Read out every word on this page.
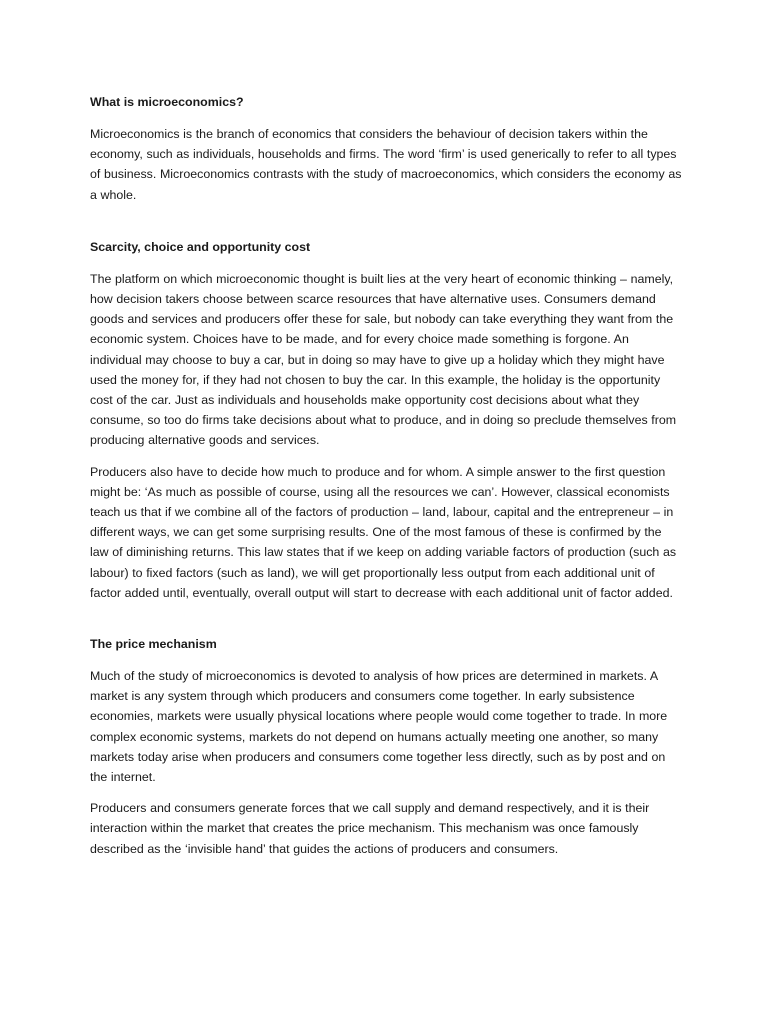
What is microeconomics?

Microeconomics is the branch of economics that considers the behaviour of decision takers within the economy, such as individuals, households and firms. The word ‘firm’ is used generically to refer to all types of business. Microeconomics contrasts with the study of macroeconomics, which considers the economy as a whole.

Scarcity, choice and opportunity cost

The platform on which microeconomic thought is built lies at the very heart of economic thinking – namely, how decision takers choose between scarce resources that have alternative uses. Consumers demand goods and services and producers offer these for sale, but nobody can take everything they want from the economic system. Choices have to be made, and for every choice made something is forgone. An individual may choose to buy a car, but in doing so may have to give up a holiday which they might have used the money for, if they had not chosen to buy the car. In this example, the holiday is the opportunity cost of the car. Just as individuals and households make opportunity cost decisions about what they consume, so too do firms take decisions about what to produce, and in doing so preclude themselves from producing alternative goods and services.

Producers also have to decide how much to produce and for whom. A simple answer to the first question might be: ‘As much as possible of course, using all the resources we can’. However, classical economists teach us that if we combine all of the factors of production – land, labour, capital and the entrepreneur – in different ways, we can get some surprising results. One of the most famous of these is confirmed by the law of diminishing returns. This law states that if we keep on adding variable factors of production (such as labour) to fixed factors (such as land), we will get proportionally less output from each additional unit of factor added until, eventually, overall output will start to decrease with each additional unit of factor added.

The price mechanism

Much of the study of microeconomics is devoted to analysis of how prices are determined in markets. A market is any system through which producers and consumers come together. In early subsistence economies, markets were usually physical locations where people would come together to trade. In more complex economic systems, markets do not depend on humans actually meeting one another, so many markets today arise when producers and consumers come together less directly, such as by post and on the internet.

Producers and consumers generate forces that we call supply and demand respectively, and it is their interaction within the market that creates the price mechanism. This mechanism was once famously described as the ‘invisible hand’ that guides the actions of producers and consumers.
